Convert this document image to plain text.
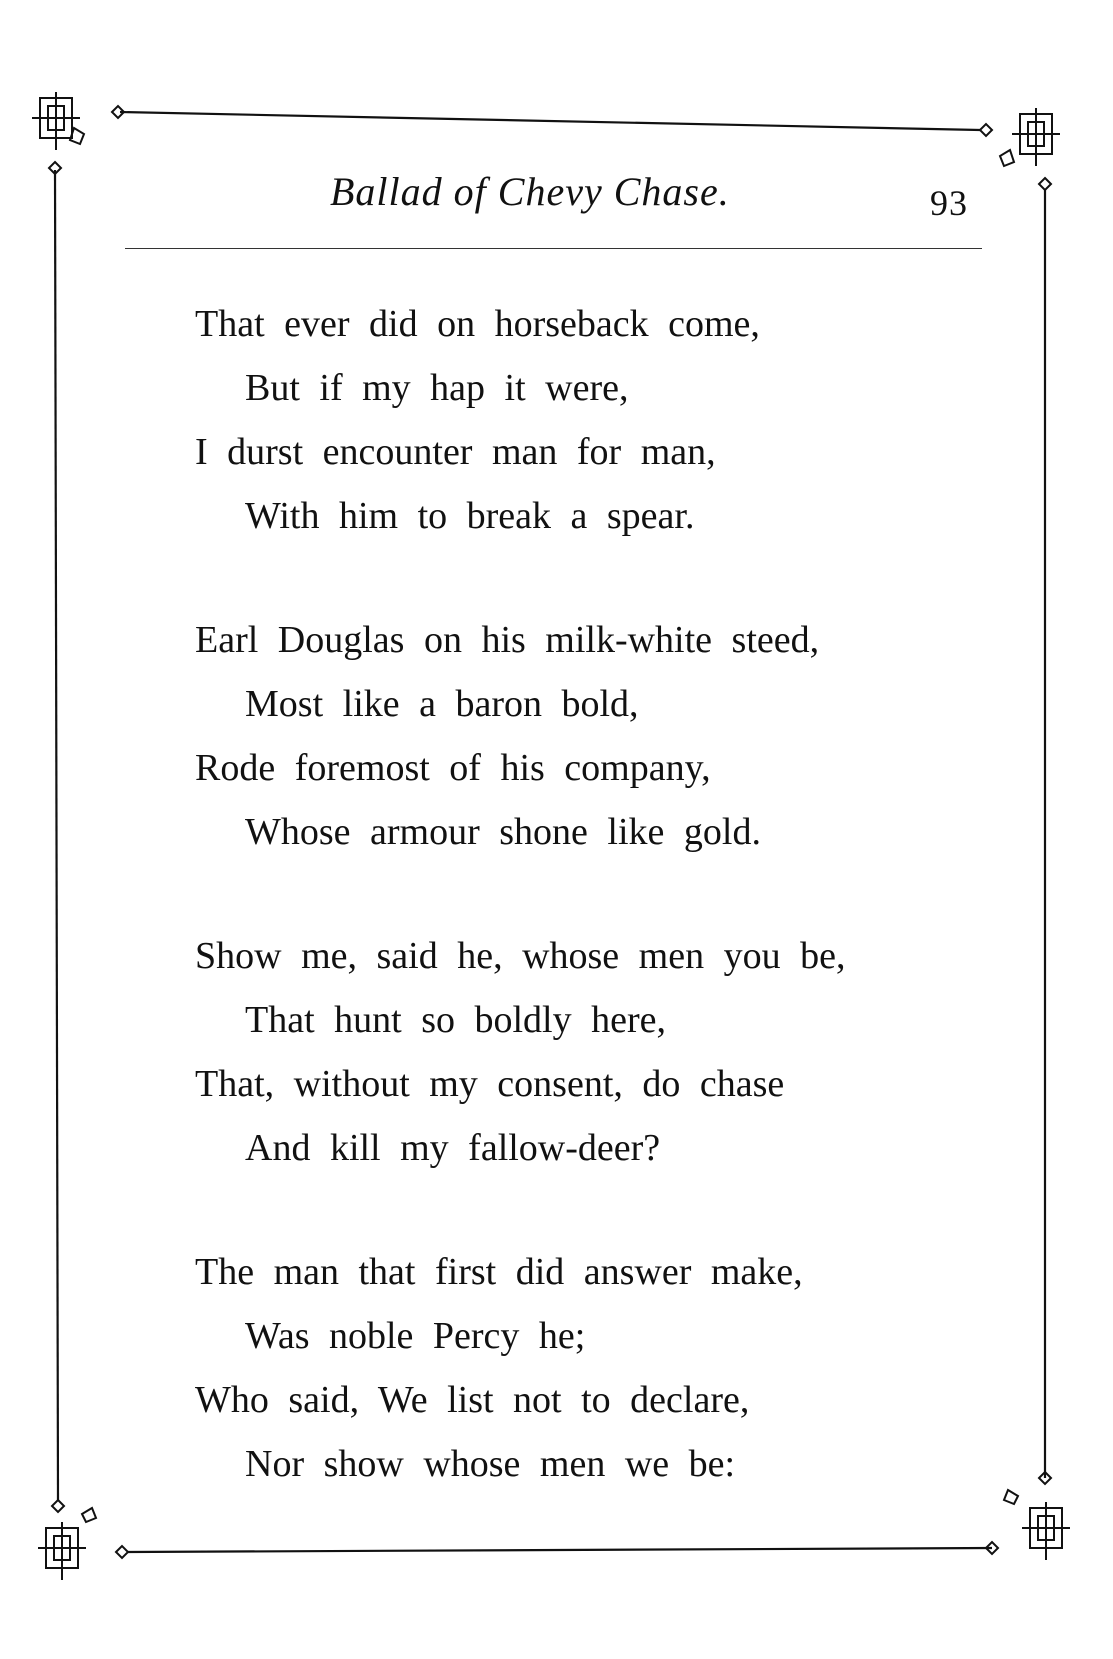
Ballad of Chevy Chase.	93
That ever did on horseback come,
But if my hap it were,
I durst encounter man for man,
With him to break a spear.
Earl Douglas on his milk-white steed,
Most like a baron bold,
Rode foremost of his company,
Whose armour shone like gold.
Show me, said he, whose men you be,
That hunt so boldly here,
That, without my consent, do chase
And kill my fallow-deer?
The man that first did answer make,
Was noble Percy he;
Who said, We list not to declare,
Nor show whose men we be:
